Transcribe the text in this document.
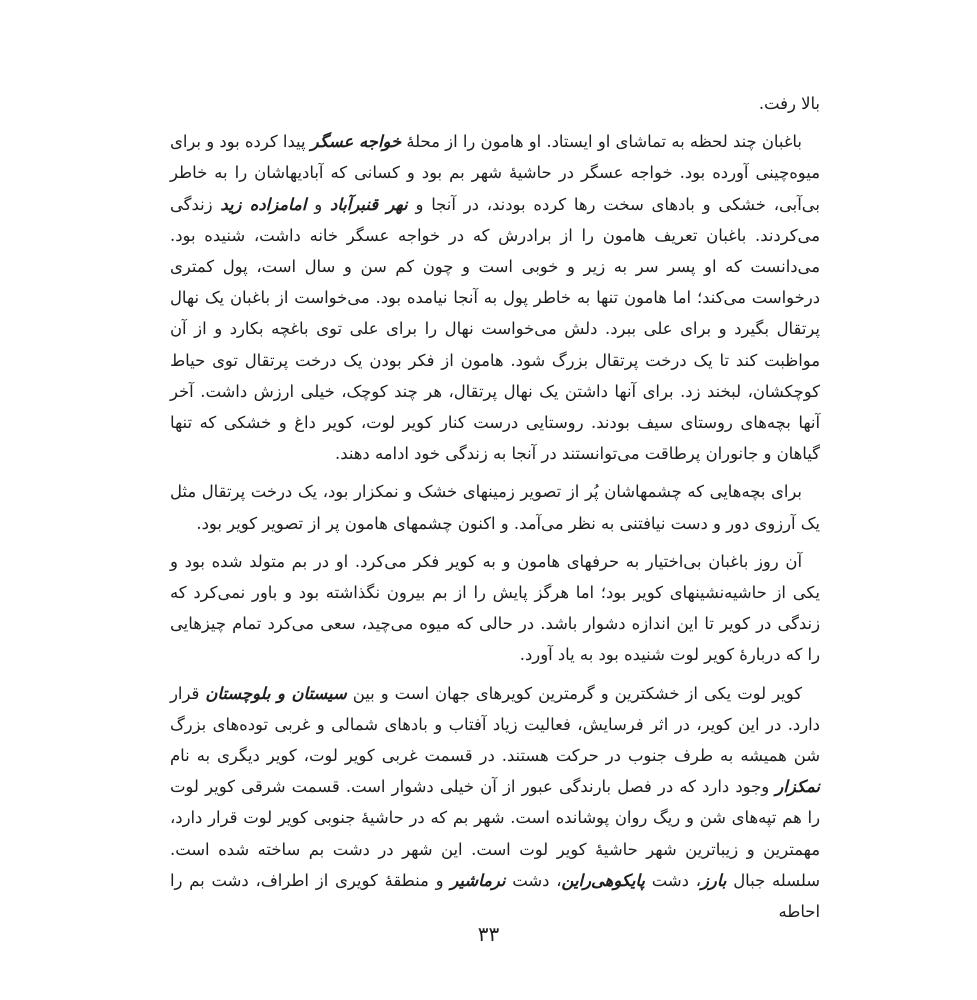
بالا رفت.

باغبان چند لحظه به تماشای او ایستاد. او هامون را از محلهٔ خواجه عسگر پیدا کرده بود و برای میوه‌چینی آورده بود. خواجه عسگر در حاشیهٔ شهر بم بود و کسانی که آبادیهاشان را به خاطر بی‌آبی، خشکی و بادهای سخت رها کرده بودند، در آنجا و نهر قنبرآباد و امامزاده زید زندگی می‌کردند. باغبان تعریف هامون را از برادرش که در خواجه عسگر خانه داشت، شنیده بود. می‌دانست که او پسر سر به زیر و خوبی است و چون کم سن و سال است، پول کمتری درخواست می‌کند؛ اما هامون تنها به خاطر پول به آنجا نیامده بود. می‌خواست از باغبان یک نهال پرتقال بگیرد و برای علی ببرد. دلش می‌خواست نهال را برای علی توی باغچه بکارد و از آن مواظبت کند تا یک درخت پرتقال بزرگ شود. هامون از فکر بودن یک درخت پرتقال توی حیاط کوچکشان، لبخند زد. برای آنها داشتن یک نهال پرتقال، هر چند کوچک، خیلی ارزش داشت. آخر آنها بچه‌های روستای سیف بودند. روستایی درست کنار کویر لوت، کویر داغ و خشکی که تنها گیاهان و جانوران پرطاقت می‌توانستند در آنجا به زندگی خود ادامه دهند.

برای بچه‌هایی که چشمهاشان پُر از تصویر زمینهای خشک و نمکزار بود، یک درخت پرتقال مثل یک آرزوی دور و دست نیافتنی به نظر می‌آمد. و اکنون چشمهای هامون پر از تصویر کویر بود.

آن روز باغبان بی‌اختیار به حرفهای هامون و به کویر فکر می‌کرد. او در بم متولد شده بود و یکی از حاشیه‌نشینهای کویر بود؛ اما هرگز پایش را از بم بیرون نگذاشته بود و باور نمی‌کرد که زندگی در کویر تا این اندازه دشوار باشد. در حالی که میوه می‌چید، سعی می‌کرد تمام چیزهایی را که دربارهٔ کویر لوت شنیده بود به یاد آورد.

کویر لوت یکی از خشکترین و گرمترین کویرهای جهان است و بین سیستان و بلوچستان قرار دارد. در این کویر، در اثر فرسایش، فعالیت زیاد آفتاب و بادهای شمالی و غربی توده‌های بزرگ شن همیشه به طرف جنوب در حرکت هستند. در قسمت غربی کویر لوت، کویر دیگری به نام نمکزار وجود دارد که در فصل بارندگی عبور از آن خیلی دشوار است. قسمت شرقی کویر لوت را هم تپه‌های شن و ریگ روان پوشانده است. شهر بم که در حاشیهٔ جنوبی کویر لوت قرار دارد، مهمترین و زیباترین شهر حاشیهٔ کویر لوت است. این شهر در دشت بم ساخته شده است. سلسله جبال بارز، دشت پایکوهی‌راین، دشت نرماشیر و منطقهٔ کویری از اطراف، دشت بم را احاطه

۳۳
